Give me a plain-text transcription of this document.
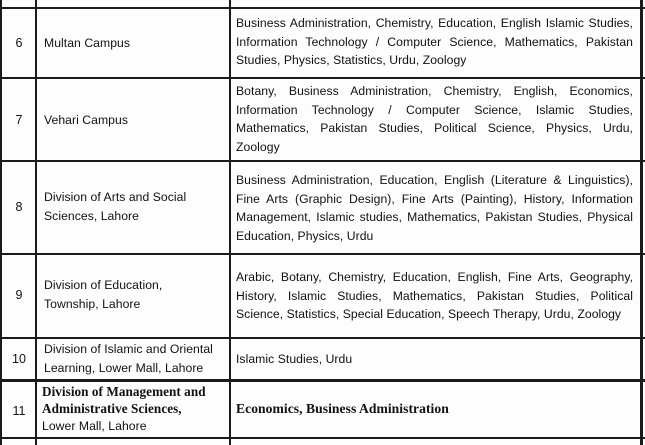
6	Multan Campus
Business Administration, Chemistry, Education, English Islamic Studies, Information Technology / Computer Science, Mathematics, Pakistan Studies, Physics, Statistics, Urdu, Zoology
7	Vehari Campus
Botany, Business Administration, Chemistry, English, Economics, Information Technology / Computer Science, Islamic Studies, Mathematics, Pakistan Studies, Political Science, Physics, Urdu, Zoology
8
Division of Arts and Social
Sciences, Lahore
Business Administration, Education, English (Literature & Linguistics), Fine Arts (Graphic Design), Fine Arts (Painting), History, Information Management, Islamic studies, Mathematics, Pakistan Studies, Physical Education, Physics, Urdu
9
Division of Education,
Township, Lahore
Arabic, Botany, Chemistry, Education, English, Fine Arts, Geography, History, Islamic Studies, Mathematics, Pakistan Studies, Political Science, Statistics, Special Education, Speech Therapy, Urdu, Zoology
10
Division of Islamic and Oriental
Learning, Lower Mall, Lahore
Islamic Studies, Urdu
11
Division of Management and
Administrative Sciences,
Lower Mall, Lahore
Economics, Business Administration
